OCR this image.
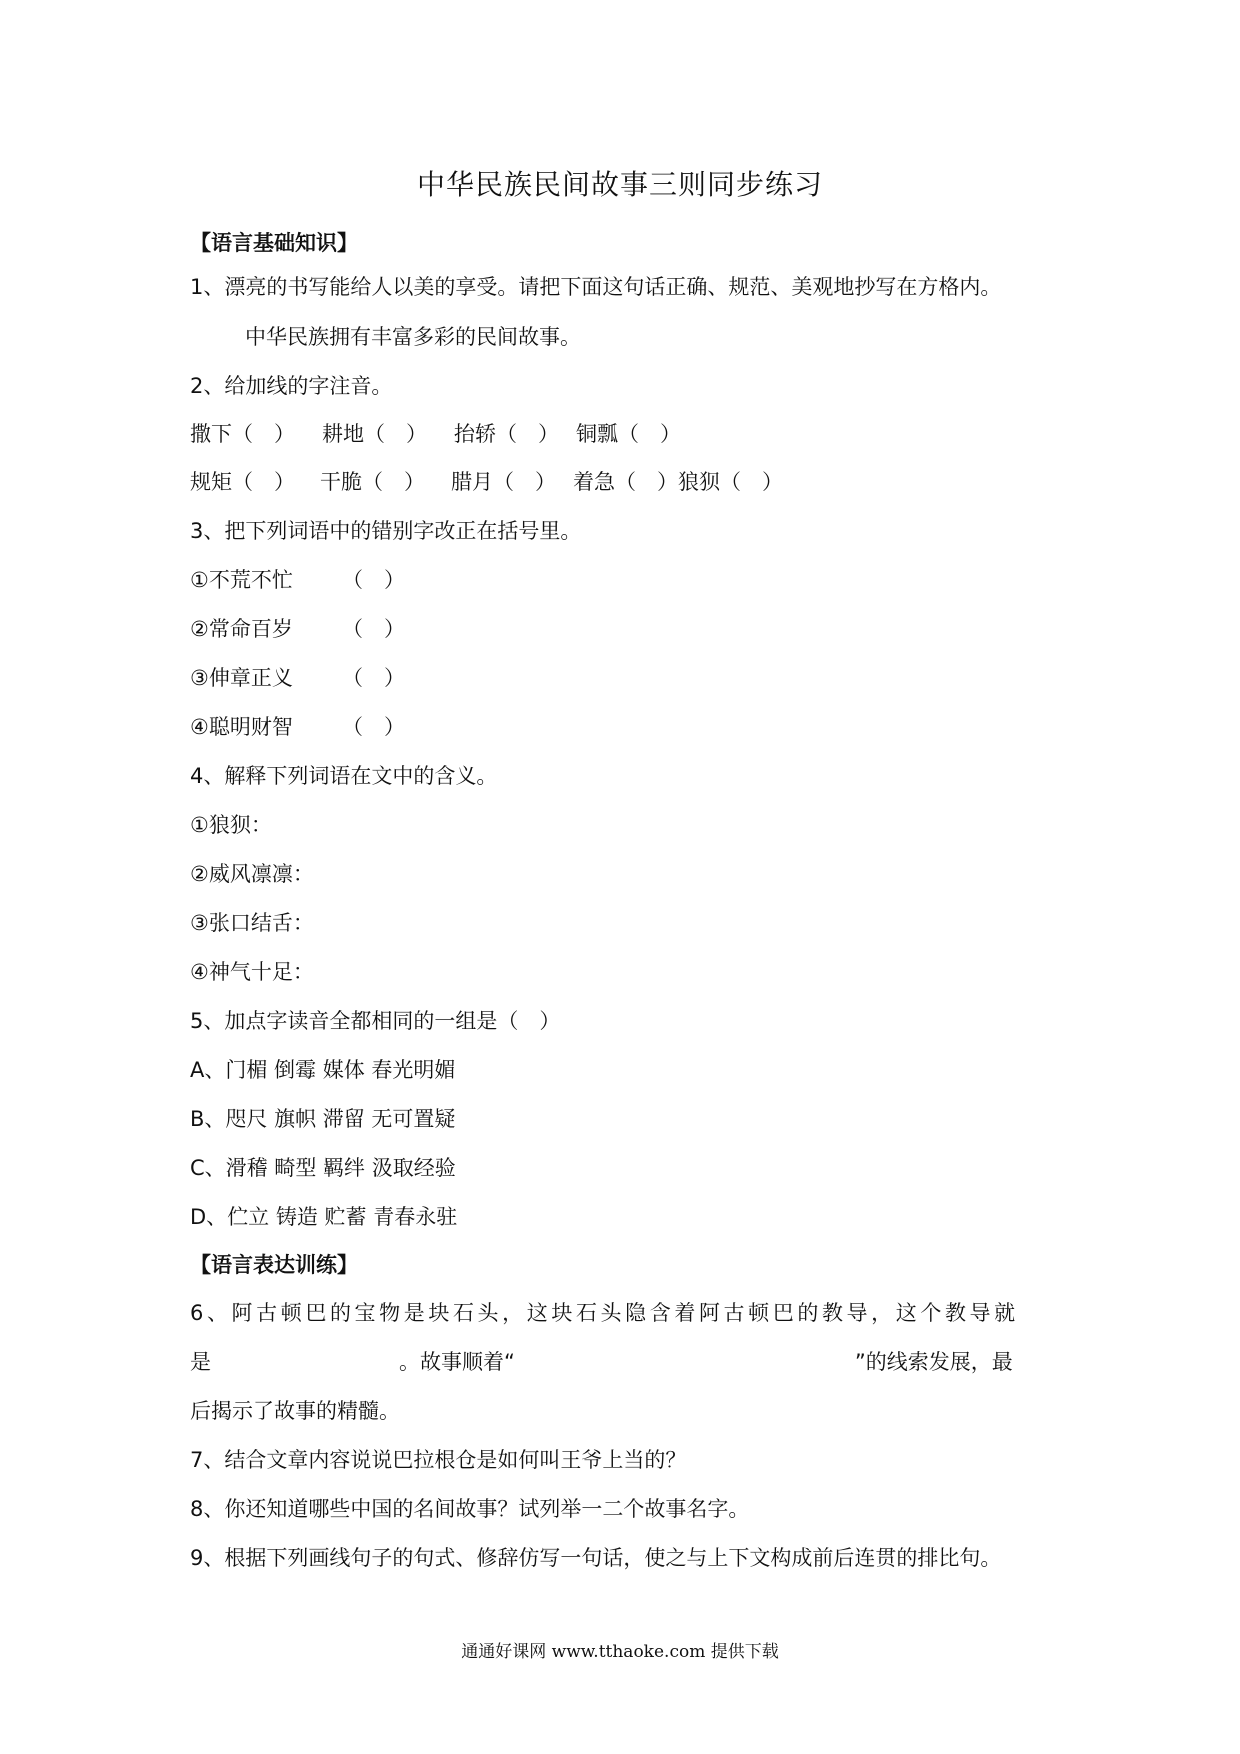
中华民族民间故事三则同步练习
【语言基础知识】
1、漂亮的书写能给人以美的享受。请把下面这句话正确、规范、美观地抄写在方格内。
中华民族拥有丰富多彩的民间故事。
2、给加线的字注音。
撒下（　） 耕地（　） 抬轿（　） 铜瓢（　）
规矩（　） 干脆（　） 腊月（　） 着急（　）狼狈（　）
3、把下列词语中的错别字改正在括号里。
①不荒不忙 （　）
②常命百岁 （　）
③伸章正义 （　）
④聪明财智 （　）
4、解释下列词语在文中的含义。
①狼狈：
②威风凛凛：
③张口结舌：
④神气十足：
5、加点字读音全都相同的一组是（　）
A、门楣 倒霉 媒体 春光明媚
B、咫尺 旗帜 滞留 无可置疑
C、滑稽 畸型 羁绊 汲取经验
D、伫立 铸造 贮蓄 青春永驻
【语言表达训练】
6、阿古顿巴的宝物是块石头，这块石头隐含着阿古顿巴的教导，这个教导就
是	。故事顺着“	”的线索发展，最
后揭示了故事的精髓。
7、结合文章内容说说巴拉根仓是如何叫王爷上当的？
8、你还知道哪些中国的名间故事？试列举一二个故事名字。
9、根据下列画线句子的句式、修辞仿写一句话，使之与上下文构成前后连贯的排比句。
通通好课网 www.tthaoke.com 提供下载
